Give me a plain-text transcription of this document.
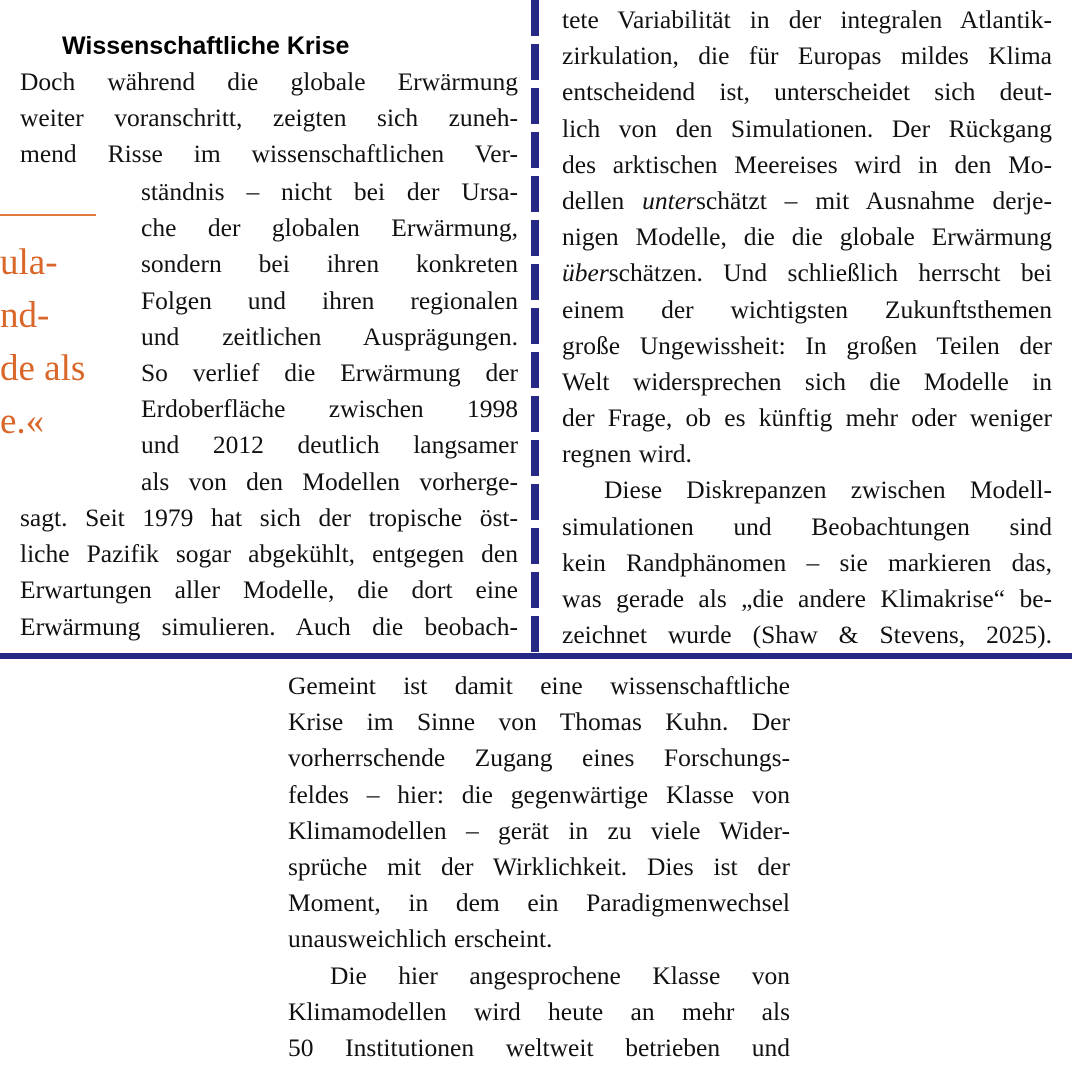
Wissenschaftliche Krise
ula-
nd-
de als
e.«
Doch während die globale Erwärmung
weiter voranschritt, zeigten sich zuneh-
mend Risse im wissenschaftlichen Ver-
ständnis – nicht bei der Ursa-
che der globalen Erwärmung,
sondern bei ihren konkreten
Folgen und ihren regionalen
und zeitlichen Ausprägungen.
So verlief die Erwärmung der
Erdoberfläche zwischen 1998
und 2012 deutlich langsamer
als von den Modellen vorherge-
sagt. Seit 1979 hat sich der tropische öst-
liche Pazifik sogar abgekühlt, entgegen den
Erwartungen aller Modelle, die dort eine
Erwärmung simulieren. Auch die beobach-
tete Variabilität in der integralen Atlantik-
zirkulation, die für Europas mildes Klima
entscheidend ist, unterscheidet sich deut-
lich von den Simulationen. Der Rückgang
des arktischen Meereises wird in den Mo-
dellen unterschätzt – mit Ausnahme derje-
nigen Modelle, die die globale Erwärmung
überschätzen. Und schließlich herrscht bei
einem der wichtigsten Zukunftsthemen
große Ungewissheit: In großen Teilen der
Welt widersprechen sich die Modelle in
der Frage, ob es künftig mehr oder weniger
regnen wird.
Diese Diskrepanzen zwischen Modell-
simulationen und Beobachtungen sind
kein Randphänomen – sie markieren das,
was gerade als „die andere Klimakrise“ be-
zeichnet wurde (Shaw & Stevens, 2025).
Gemeint ist damit eine wissenschaftliche
Krise im Sinne von Thomas Kuhn. Der
vorherrschende Zugang eines Forschungs-
feldes – hier: die gegenwärtige Klasse von
Klimamodellen – gerät in zu viele Wider-
sprüche mit der Wirklichkeit. Dies ist der
Moment, in dem ein Paradigmenwechsel
unausweichlich erscheint.
Die hier angesprochene Klasse von
Klimamodellen wird heute an mehr als
50 Institutionen weltweit betrieben und
